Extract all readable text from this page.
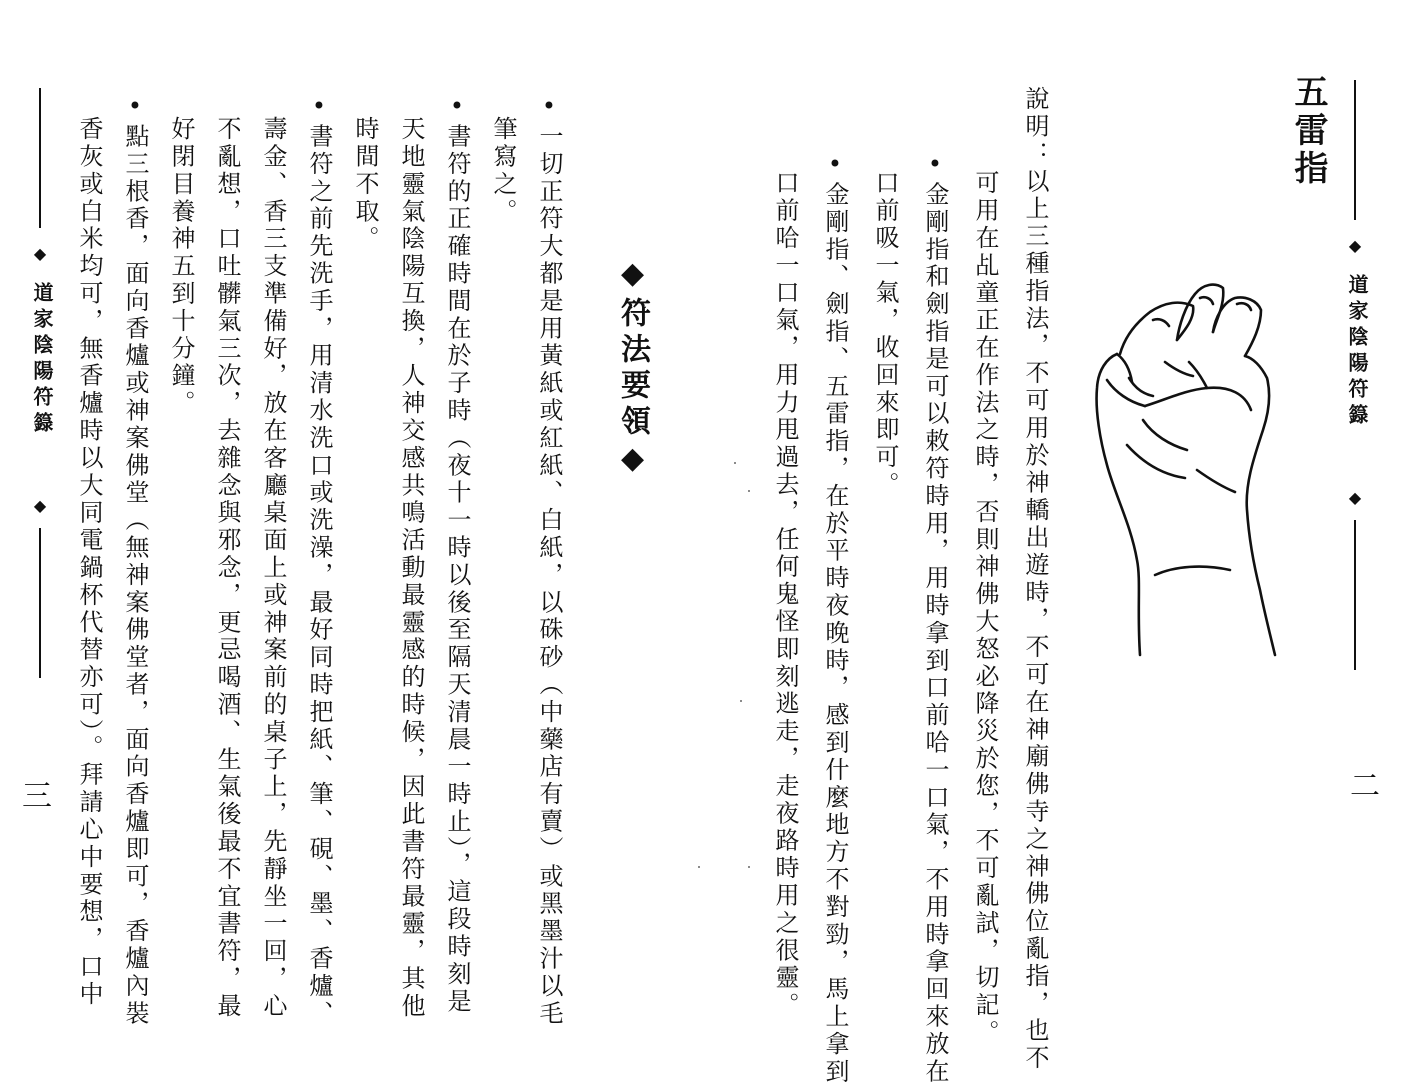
◆
道家陰陽符籙
◆
二
五雷指
說明：以上三種指法，不可用於神轎出遊時，不可在神廟佛寺之神佛位亂指，也不
可用在乩童正在作法之時，否則神佛大怒必降災於您，不可亂試，切記。
•金剛指和劍指是可以敕符時用，用時拿到口前哈一口氣，不用時拿回來放在
口前吸一氣，收回來即可。
•金剛指、劍指、五雷指，在於平時夜晚時，感到什麼地方不對勁，馬上拿到
口前哈一口氣，用力甩過去，任何鬼怪即刻逃走，走夜路時用之很靈。
◆
道家陰陽符籙
◆
三
◆符法要領◆
•一切正符大都是用黃紙或紅紙、白紙，以硃砂（中藥店有賣）或黑墨汁以毛
筆寫之。
•書符的正確時間在於子時（夜十一時以後至隔天清晨一時止），這段時刻是
天地靈氣陰陽互換，人神交感共鳴活動最靈感的時候，因此書符最靈，其他
時間不取。
•書符之前先洗手，用清水洗口或洗澡，最好同時把紙、筆、硯、墨、香爐、
壽金、香三支準備好，放在客廳桌面上或神案前的桌子上，先靜坐一回，心
不亂想，口吐髒氣三次，去雜念與邪念，更忌喝酒、生氣後最不宜書符，最
好閉目養神五到十分鐘。
•點三根香，面向香爐或神案佛堂（無神案佛堂者，面向香爐即可，香爐內裝
香灰或白米均可，無香爐時以大同電鍋杯代替亦可）。拜請心中要想，口中
